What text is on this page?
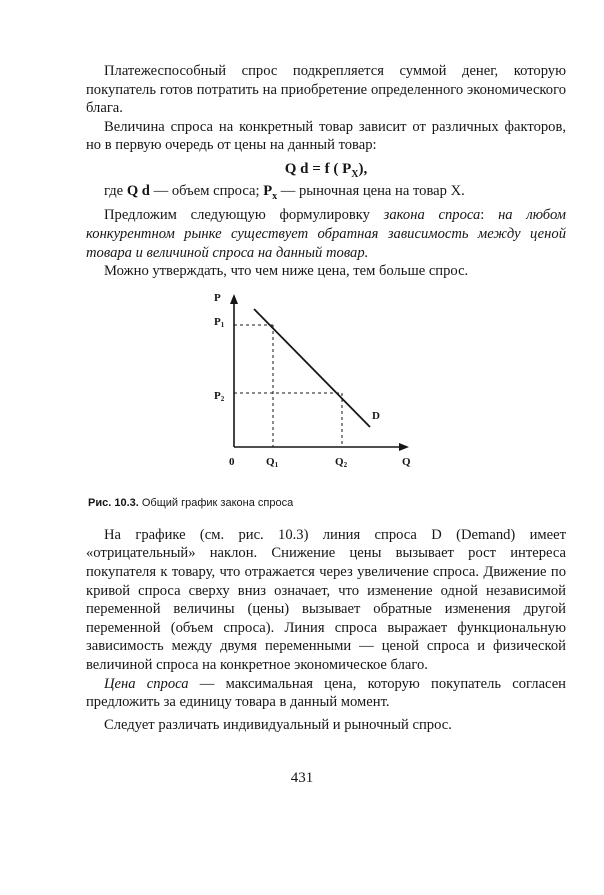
Платежеспособный спрос подкрепляется суммой денег, которую покупатель готов потратить на приобретение определенного экономического блага.

Величина спроса на конкретный товар зависит от различных факторов, но в первую очередь от цены на данный товар:

Q d = f ( $P_X$),

где Q d — объем спроса; $P_x$ — рыночная цена на товар X.

Предложим следующую формулировку закона спроса: на любом конкурентном рынке существует обратная зависимость между ценой товара и величиной спроса на данный товар.

Можно утверждать, что чем ниже цена, тем больше спрос.

P
P1
P2
0	Q1	Q2	Q
D

Рис. 10.3. Общий график закона спроса

На графике (см. рис. 10.3) линия спроса D (Demand) имеет «отрицательный» наклон. Снижение цены вызывает рост интереса покупателя к товару, что отражается через увеличение спроса. Движение по кривой спроса сверху вниз означает, что изменение одной независимой переменной величины (цены) вызывает обратные изменения другой переменной (объем спроса). Линия спроса выражает функциональную зависимость между двумя переменными — ценой спроса и физической величиной спроса на конкретное экономическое благо.

Цена спроса — максимальная цена, которую покупатель согласен предложить за единицу товара в данный момент.

Следует различать индивидуальный и рыночный спрос.

431
